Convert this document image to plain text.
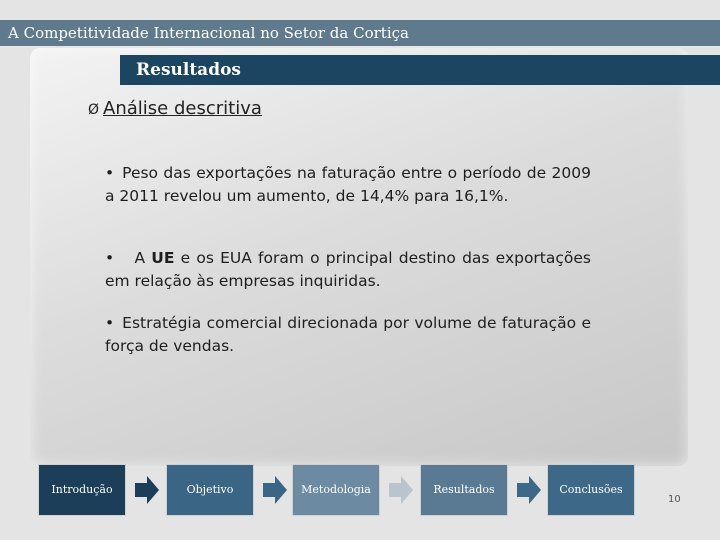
A Competitividade Internacional no Setor da Cortiça
Resultados
Ø Análise descritiva
• Peso das exportações na faturação entre o período de 2009 a 2011 revelou um aumento, de 14,4% para 16,1%.
• A UE e os EUA foram o principal destino das exportações em relação às empresas inquiridas.
• Estratégia comercial direcionada por volume de faturação e força de vendas.
Introdução	Objetivo	Metodologia	Resultados	Conclusões
10
